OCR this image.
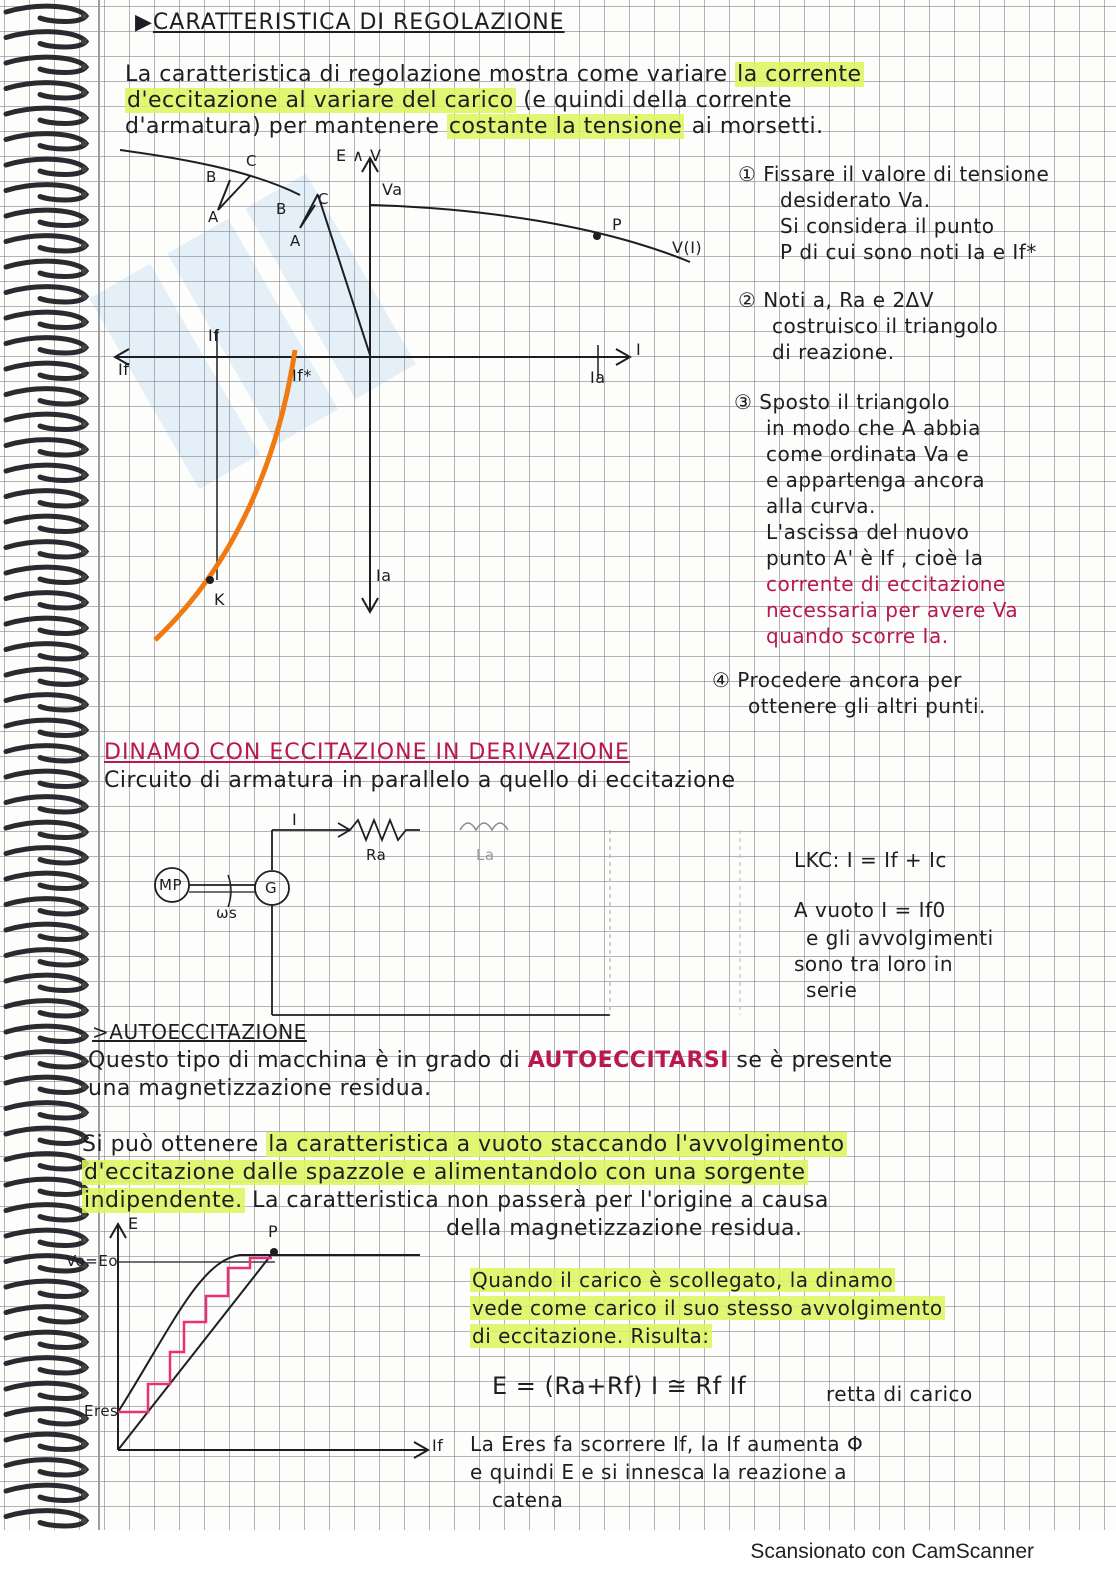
▶CARATTERISTICA DI REGOLAZIONE
La caratteristica di regolazione mostra come variare la corrente
d'eccitazione al variare del carico (e quindi della corrente
d'armatura) per mantenere costante la tensione ai morsetti.
E ∧ V
I
Va
P
V(I)
If
If
If*	Ia
Ia
K
B
C
A	B
C
A
① Fissare il valore di tensione
desiderato Va.
Si considera il punto
P di cui sono noti Ia e If*
② Noti a, Ra e 2ΔV
costruisco il triangolo
di reazione.
③ Sposto il triangolo
in modo che A abbia
come ordinata Va e
e appartenga ancora
alla curva.
L'ascissa del nuovo
punto A' è If , cioè la
corrente di eccitazione
necessaria per avere Va
quando scorre Ia.
④ Procedere ancora per
ottenere gli altri punti.
DINAMO CON ECCITAZIONE IN DERIVAZIONE
Circuito di armatura in parallelo a quello di eccitazione
I
Ra	La
MP	G
ωs
LKC: I = If + Ic
A vuoto I = If0
e gli avvolgimenti
sono tra loro in
serie
>AUTOECCITAZIONE
Questo tipo di macchina è in grado di AUTOECCITARSI se è presente
una magnetizzazione residua.
Si può ottenere la caratteristica a vuoto staccando l'avvolgimento
d'eccitazione dalle spazzole e alimentandolo con una sorgente
indipendente. La caratteristica non passerà per l'origine a causa
della magnetizzazione residua.
E
If
Vo=Eo
Eres
P
Quando il carico è scollegato, la dinamo
vede come carico il suo stesso avvolgimento
di eccitazione. Risulta:
E = (Ra+Rf) I ≅ Rf If	retta di carico
La Eres fa scorrere If, la If aumenta Φ
e quindi E e si innesca la reazione a
catena
Scansionato con CamScanner
